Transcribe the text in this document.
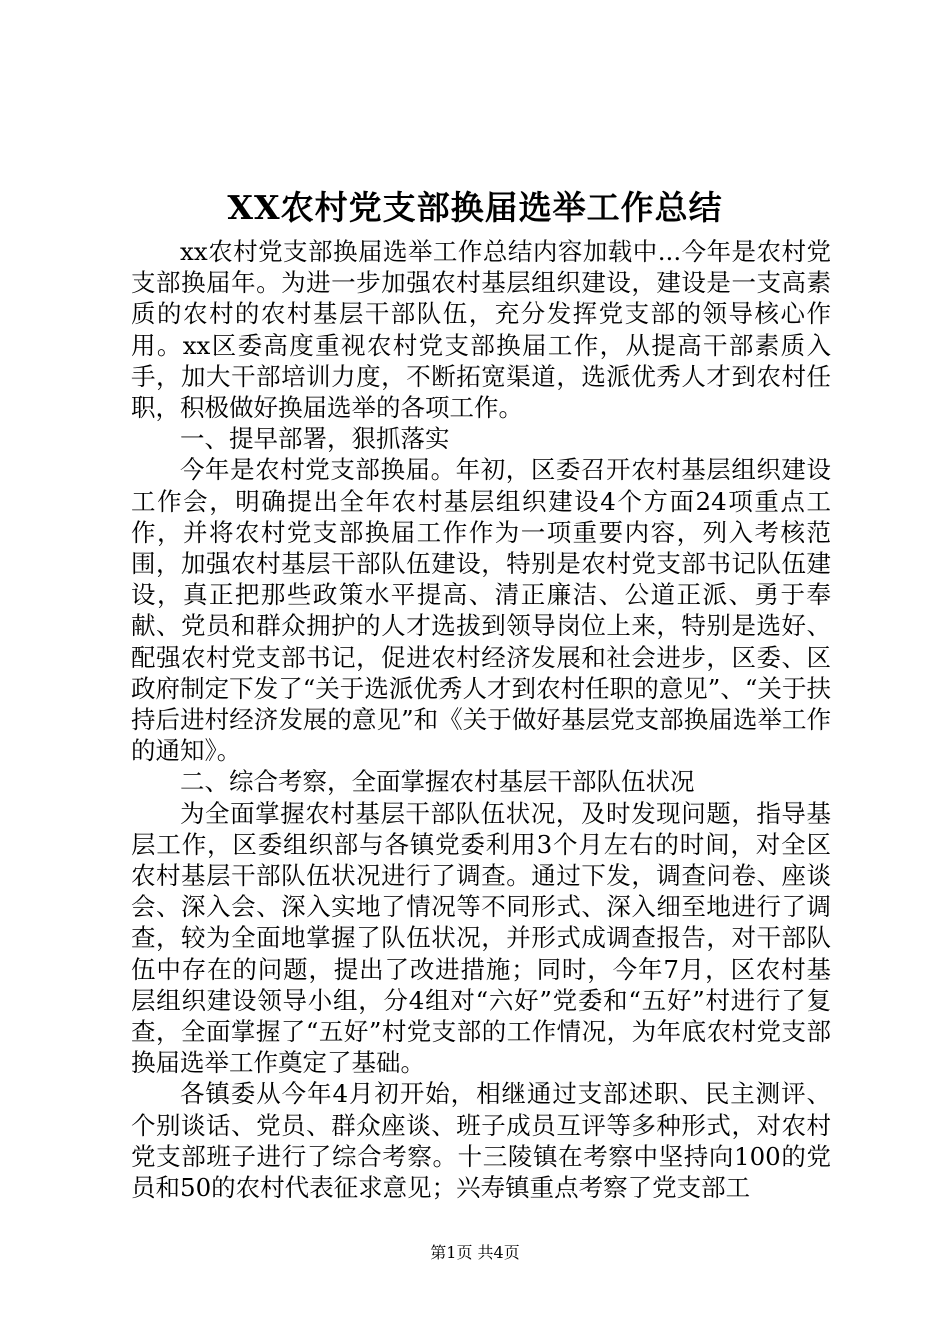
XX农村党支部换届选举工作总结

xx农村党支部换届选举工作总结内容加载中...今年是农村党支部换届年。为进一步加强农村基层组织建设，建设是一支高素质的农村的农村基层干部队伍，充分发挥党支部的领导核心作用。xx区委高度重视农村党支部换届工作，从提高干部素质入手，加大干部培训力度，不断拓宽渠道，选派优秀人才到农村任职，积极做好换届选举的各项工作。

一、提早部署，狠抓落实

今年是农村党支部换届。年初，区委召开农村基层组织建设工作会，明确提出全年农村基层组织建设4个方面24项重点工作，并将农村党支部换届工作作为一项重要内容，列入考核范围，加强农村基层干部队伍建设，特别是农村党支部书记队伍建设，真正把那些政策水平提高、清正廉洁、公道正派、勇于奉献、党员和群众拥护的人才选拔到领导岗位上来，特别是选好、配强农村党支部书记，促进农村经济发展和社会进步，区委、区政府制定下发了“关于选派优秀人才到农村任职的意见”、“关于扶持后进村经济发展的意见”和《关于做好基层党支部换届选举工作的通知》。

二、综合考察，全面掌握农村基层干部队伍状况

为全面掌握农村基层干部队伍状况，及时发现问题，指导基层工作，区委组织部与各镇党委利用3个月左右的时间，对全区农村基层干部队伍状况进行了调查。通过下发，调查问卷、座谈会、深入会、深入实地了情况等不同形式、深入细至地进行了调查，较为全面地掌握了队伍状况，并形式成调查报告，对干部队伍中存在的问题，提出了改进措施；同时，今年7月，区农村基层组织建设领导小组，分4组对“六好”党委和“五好”村进行了复查，全面掌握了“五好”村党支部的工作情况，为年底农村党支部换届选举工作奠定了基础。

各镇委从今年4月初开始，相继通过支部述职、民主测评、个别谈话、党员、群众座谈、班子成员互评等多种形式，对农村党支部班子进行了综合考察。十三陵镇在考察中坚持向100的党员和50的农村代表征求意见；兴寿镇重点考察了党支部工

第1页 共4页
